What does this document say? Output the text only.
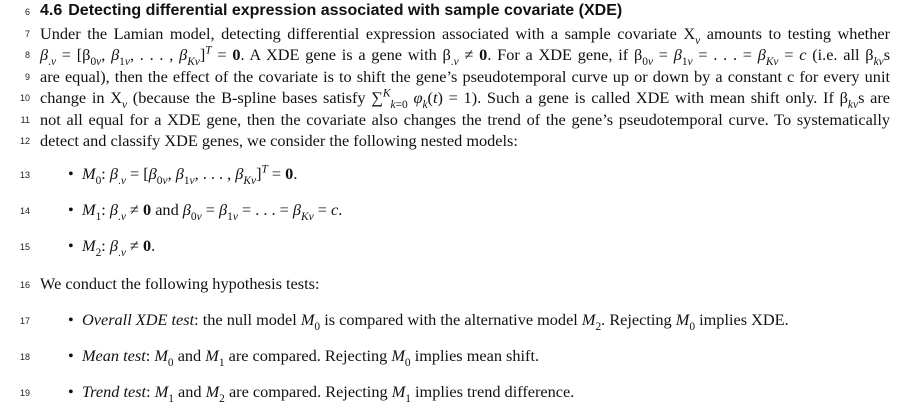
6
7
8
9
10
11
12
13
14
15
16
17
18
19
4.6 Detecting differential expression associated with sample covariate (XDE)
Under the Lamian model, detecting differential expression associated with a sample covariate $X_v$ amounts to testing whether
$\beta_{.v} = [\beta_{0v}$, $\beta_{1v}$, . . . , $\beta_{Kv}]^T = 0$. A XDE gene is a gene with $\beta_{.v} \ne 0$. For a XDE gene, if $\beta_{0v} = \beta_{1v}$ = . . . = $\beta_{Kv} = c$ (i.e. all $\beta_{kv}s$
are equal), then the effect of the covariate is to shift the gene’s pseudotemporal curve up or down by a constant c for every unit
change in $X_v$ (because the B-spline bases satisfy ∑$^K_{k=0}$ $\varphi_k(t) = 1$). Such a gene is called XDE with mean shift only. If $\beta_{kv}s$ are
not all equal for a XDE gene, then the covariate also changes the trend of the gene’s pseudotemporal curve. To systematically
detect and classify XDE genes, we consider the following nested models:
• $M_0$: $\beta_{.v} = [\beta_{0v}$, $\beta_{1v}$, . . . , $\beta_{Kv}]^T = 0$.
• $M_1$: $\beta_{.v} \ne 0$ and $\beta_{0v} = \beta_{1v}$ = . . . = $\beta_{Kv} = c$.
• $M_2$: $\beta_{.v} \ne 0$.
We conduct the following hypothesis tests:
• Overall XDE test: the null model $M_0$ is compared with the alternative model $M_2$. Rejecting $M_0$ implies XDE.
• Mean test: $M_0$ and $M_1$ are compared. Rejecting $M_0$ implies mean shift.
• Trend test: $M_1$ and $M_2$ are compared. Rejecting $M_1$ implies trend difference.
